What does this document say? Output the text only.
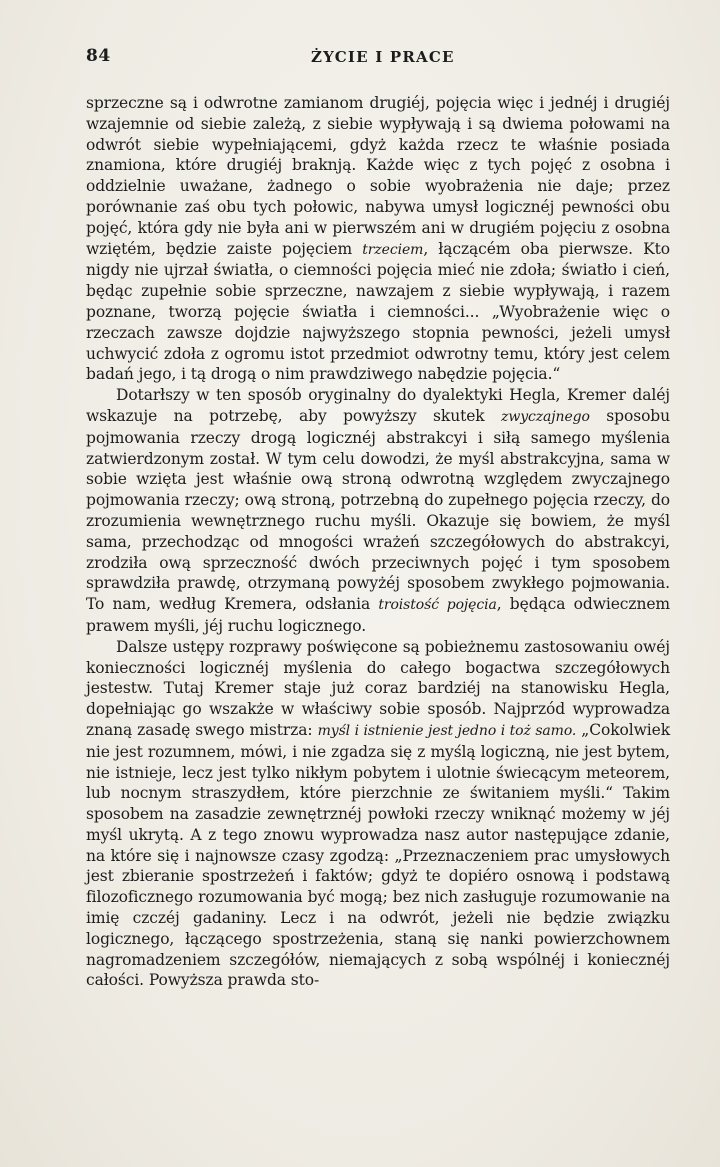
84	ŻYCIE I PRACE

sprzeczne są i odwrotne zamianom drugiéj, pojęcia więc i jednéj i drugiéj wzajemnie od siebie zależą, z siebie wypływają i są dwiema połowami na odwrót siebie wypełniającemi, gdyż każda rzecz te właśnie posiada znamiona, które drugiéj braknją. Każde więc z tych pojęć z osobna i oddzielnie uważane, żadnego o sobie wyobrażenia nie daje; przez porównanie zaś obu tych połowic, nabywa umysł logicznéj pewności obu pojęć, która gdy nie była ani w pierwszém ani w drugiém pojęciu z osobna wziętém, będzie zaiste pojęciem trzeciem, łączącém oba pierwsze. Kto nigdy nie ujrzał światła, o ciemności pojęcia mieć nie zdoła; światło i cień, będąc zupełnie sobie sprzeczne, nawzajem z siebie wypływają, i razem poznane, tworzą pojęcie światła i ciemności... „Wyobrażenie więc o rzeczach zawsze dojdzie najwyższego stopnia pewności, jeżeli umysł uchwycić zdoła z ogromu istot przedmiot odwrotny temu, który jest celem badań jego, i tą drogą o nim prawdziwego nabędzie pojęcia.“

Dotarłszy w ten sposób oryginalny do dyalektyki Hegla, Kremer daléj wskazuje na potrzebę, aby powyższy skutek zwyczajnego sposobu pojmowania rzeczy drogą logicznéj abstrakcyi i siłą samego myślenia zatwierdzonym został. W tym celu dowodzi, że myśl abstrakcyjna, sama w sobie wzięta jest właśnie ową stroną odwrotną względem zwyczajnego pojmowania rzeczy; ową stroną, potrzebną do zupełnego pojęcia rzeczy, do zrozumienia wewnętrznego ruchu myśli. Okazuje się bowiem, że myśl sama, przechodząc od mnogości wrażeń szczegółowych do abstrakcyi, zrodziła ową sprzeczność dwóch przeciwnych pojęć i tym sposobem sprawdziła prawdę, otrzymaną powyżéj sposobem zwykłego pojmowania. To nam, według Kremera, odsłania troistość pojęcia, będąca odwiecznem prawem myśli, jéj ruchu logicznego.

Dalsze ustępy rozprawy poświęcone są pobieżnemu zastosowaniu owéj konieczności logicznéj myślenia do całego bogactwa szczegółowych jestestw. Tutaj Kremer staje już coraz bardziéj na stanowisku Hegla, dopełniając go wszakże w właściwy sobie sposób. Najprzód wyprowadza znaną zasadę swego mistrza: myśl i istnienie jest jedno i toż samo. „Cokolwiek nie jest rozumnem, mówi, i nie zgadza się z myślą logiczną, nie jest bytem, nie istnieje, lecz jest tylko nikłym pobytem i ulotnie świecącym meteorem, lub nocnym straszydłem, które pierzchnie ze świtaniem myśli.“ Takim sposobem na zasadzie zewnętrznéj powłoki rzeczy wniknąć możemy w jéj myśl ukrytą. A z tego znowu wyprowadza nasz autor następujące zdanie, na które się i najnowsze czasy zgodzą: „Przeznaczeniem prac umysłowych jest zbieranie spostrzeżeń i faktów; gdyż te dopiéro osnową i podstawą filozoficznego rozumowania być mogą; bez nich zasługuje rozumowanie na imię czczéj gadaniny. Lecz i na odwrót, jeżeli nie będzie związku logicznego, łączącego spostrzeżenia, staną się nanki powierzchownem nagromadzeniem szczegółów, niemających z sobą wspólnéj i koniecznéj całości. Powyższa prawda sto-
